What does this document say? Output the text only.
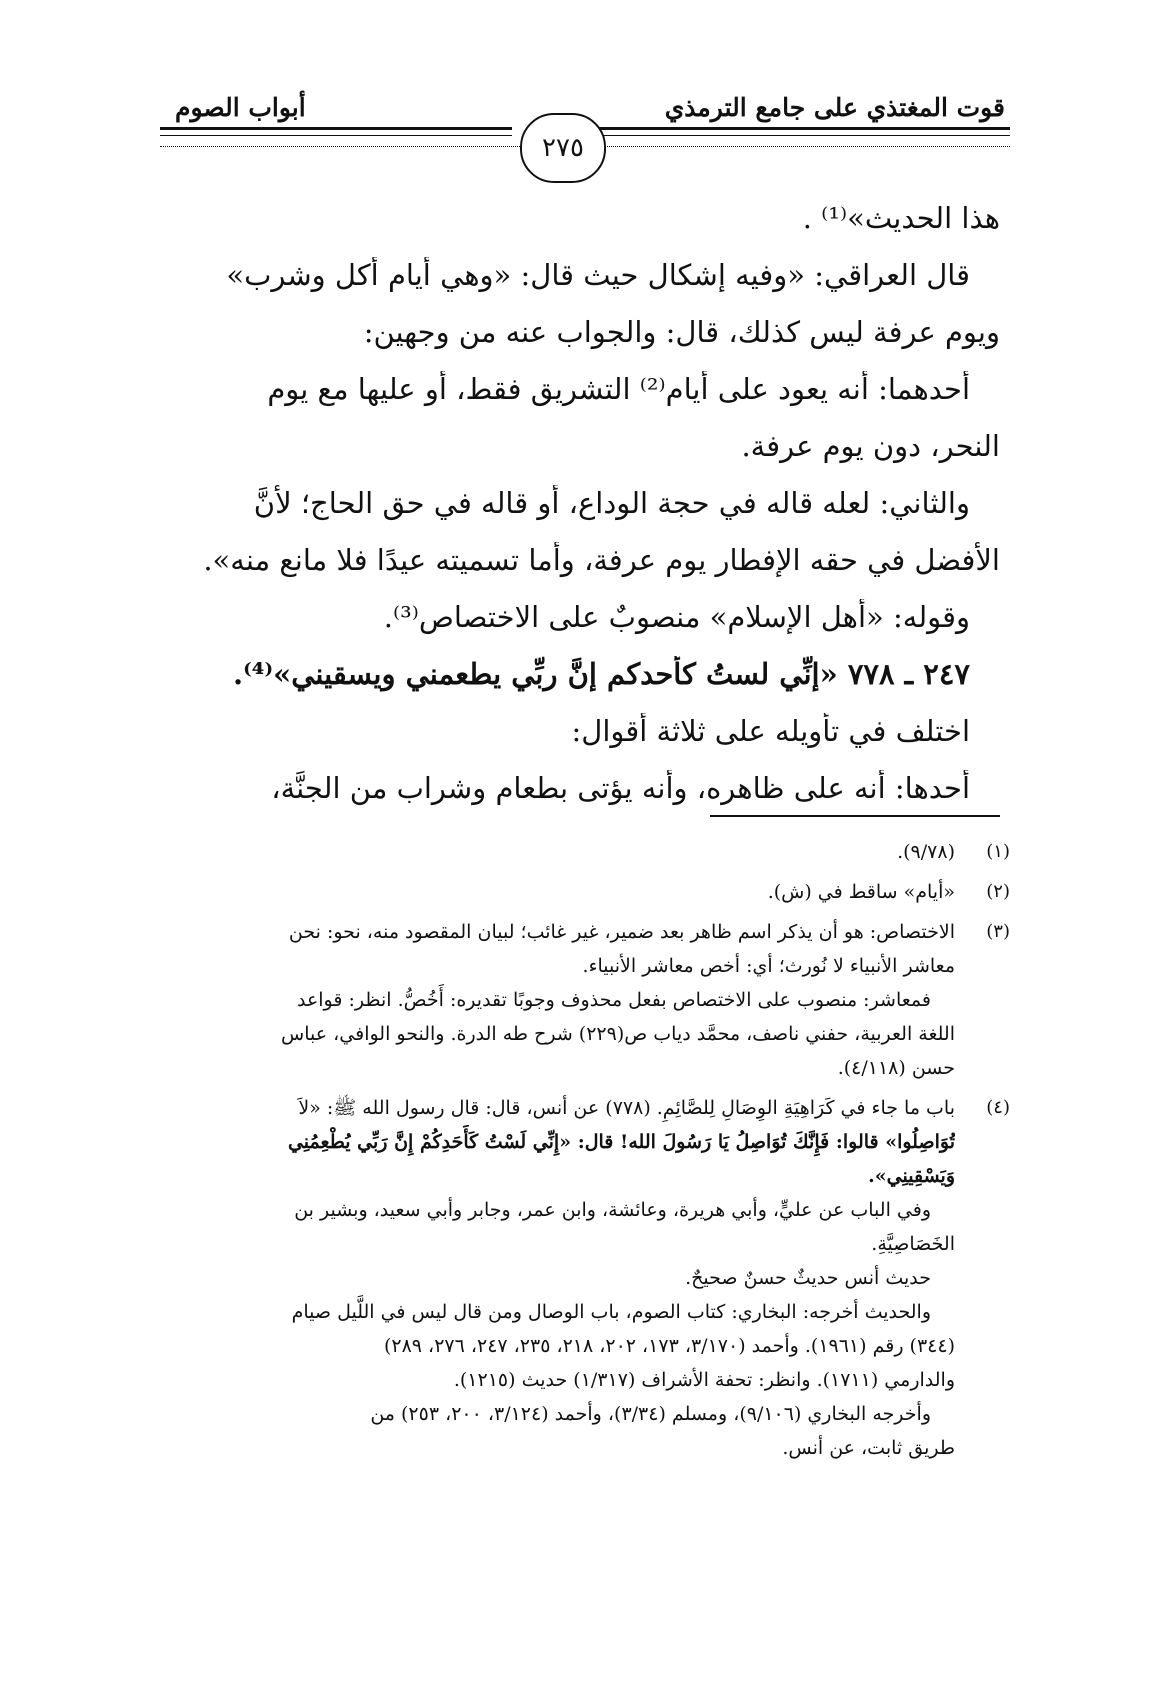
قوت المغتذي على جامع الترمذي
أبواب الصوم
٢٧٥
هذا الحديث»⁽¹⁾ .
قال العراقي: «وفيه إشكال حيث قال: «وهي أيام أكل وشرب»
ويوم عرفة ليس كذلك، قال: والجواب عنه من وجهين:
أحدهما: أنه يعود على أيام⁽²⁾ التشريق فقط، أو عليها مع يوم
النحر، دون يوم عرفة.
والثاني: لعله قاله في حجة الوداع، أو قاله في حق الحاج؛ لأنَّ
الأفضل في حقه الإفطار يوم عرفة، وأما تسميته عيدًا فلا مانع منه».
وقوله: «أهل الإسلام» منصوبٌ على الاختصاص⁽³⁾.
٢٤٧ ـ ٧٧٨ «إنِّي لستُ كأحدكم إنَّ ربِّي يطعمني ويسقيني»⁽⁴⁾.
اختلف في تأويله على ثلاثة أقوال:
أحدها: أنه على ظاهره، وأنه يؤتى بطعام وشراب من الجنَّة،
(١)
(٩/٧٨).
(٢)
«أيام» ساقط في (ش).
(٣)
الاختصاص: هو أن يذكر اسم ظاهر بعد ضمير، غير غائب؛ لبيان المقصود منه، نحو: نحن
معاشر الأنبياء لا نُورث؛ أي: أخص معاشر الأنبياء.
فمعاشر: منصوب على الاختصاص بفعل محذوف وجوبًا تقديره: أَخُصُّ. انظر: قواعد
اللغة العربية، حفني ناصف، محمَّد دياب ص(٢٢٩) شرح طه الدرة. والنحو الوافي، عباس
حسن (٤/١١٨).
(٤)
باب ما جاء في كَرَاهِيَةِ الوِصَالِ لِلصَّائِمِ. (٧٧٨) عن أنس، قال: قال رسول الله ﷺ: «لاَ
تُوَاصِلُوا» قالوا: فَإِنَّكَ تُوَاصِلُ يَا رَسُولَ الله! قال: «إِنِّي لَسْتُ كَأَحَدِكُمْ إِنَّ رَبِّي يُطْعِمُنِي
وَيَسْقِينِي».
وفي الباب عن عليٍّ، وأبي هريرة، وعائشة، وابن عمر، وجابر وأبي سعيد، وبشير بن
الخَصَاصِيَّةِ.
حديث أنس حديثٌ حسنٌ صحيحٌ.
والحديث أخرجه: البخاري: كتاب الصوم، باب الوصال ومن قال ليس في اللَّيل صيام
(٣٤٤) رقم (١٩٦١). وأحمد (٣/١٧٠، ١٧٣، ٢٠٢، ٢١٨، ٢٣٥، ٢٤٧، ٢٧٦، ٢٨٩)
والدارمي (١٧١١). وانظر: تحفة الأشراف (١/٣١٧) حديث (١٢١٥).
وأخرجه البخاري (٩/١٠٦)، ومسلم (٣/٣٤)، وأحمد (٣/١٢٤، ٢٠٠، ٢٥٣) من
طريق ثابت، عن أنس.
